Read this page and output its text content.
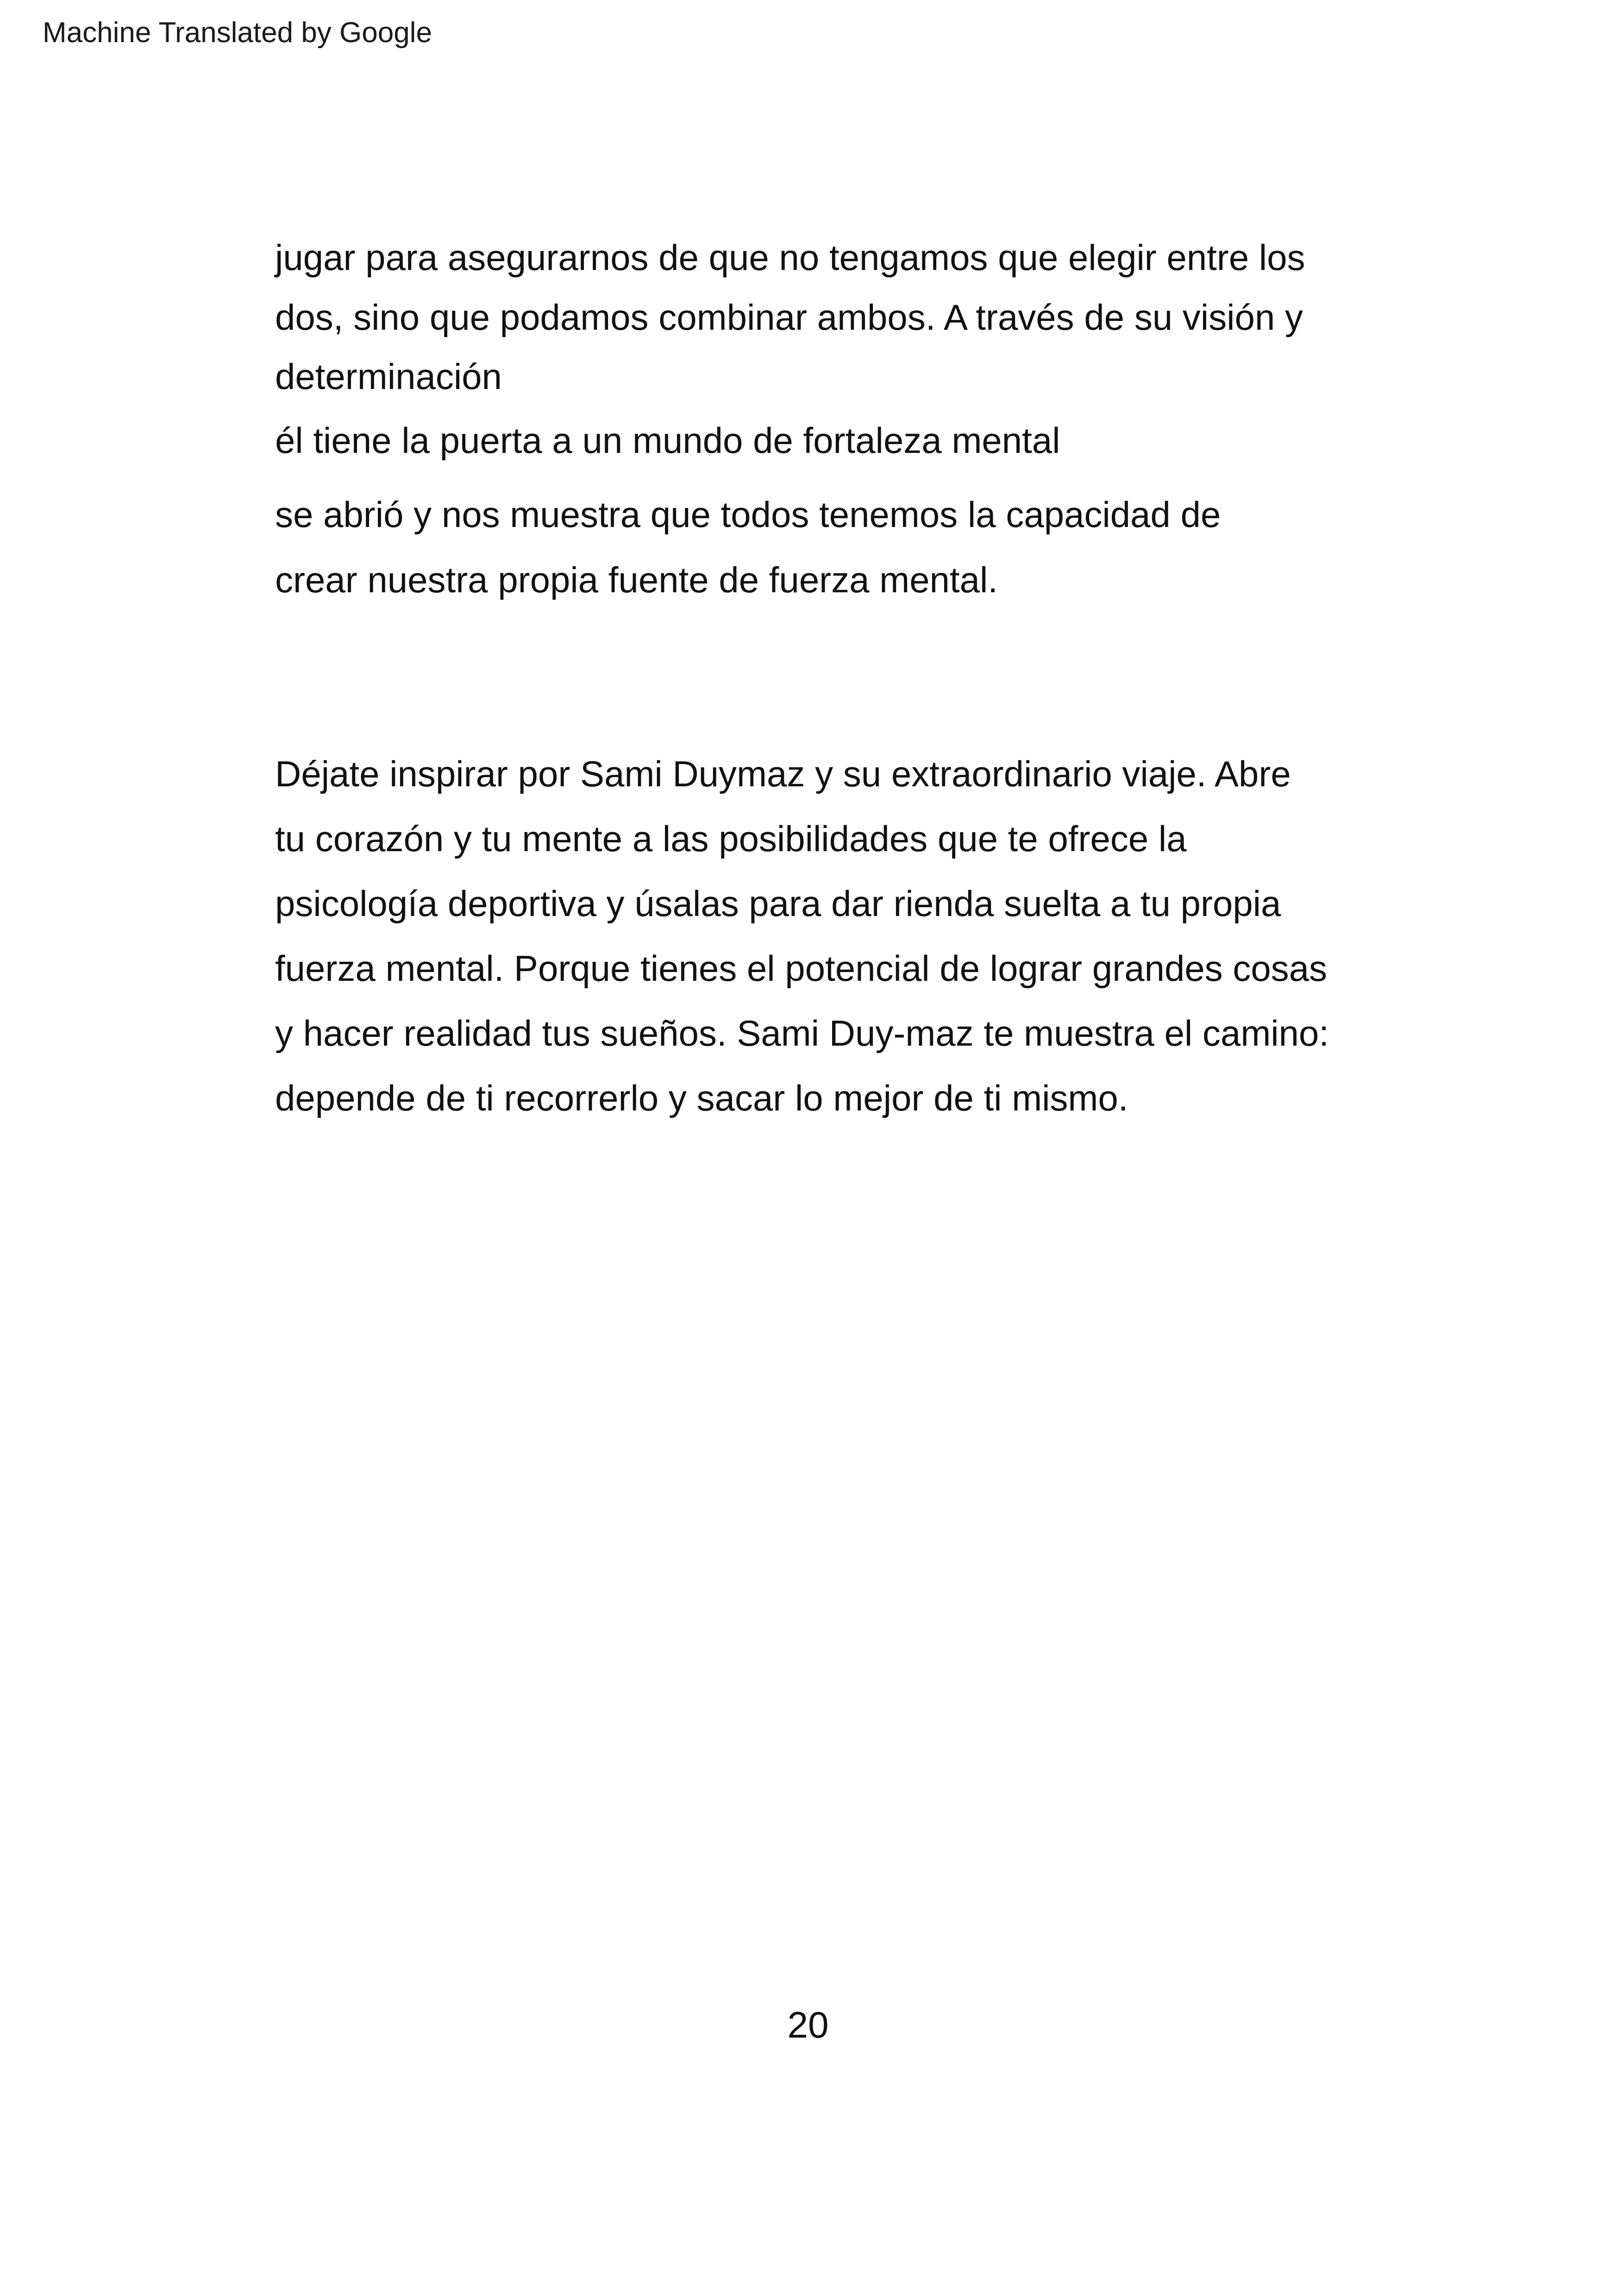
Machine Translated by Google
jugar para asegurarnos de que no tengamos que elegir entre los
dos, sino que podamos combinar ambos. A través de su visión y
determinación
él tiene la puerta a un mundo de fortaleza mental
se abrió y nos muestra que todos tenemos la capacidad de
crear nuestra propia fuente de fuerza mental.
Déjate inspirar por Sami Duymaz y su extraordinario viaje. Abre
tu corazón y tu mente a las posibilidades que te ofrece la
psicología deportiva y úsalas para dar rienda suelta a tu propia
fuerza mental. Porque tienes el potencial de lograr grandes cosas
y hacer realidad tus sueños. Sami Duy-maz te muestra el camino:
depende de ti recorrerlo y sacar lo mejor de ti mismo.
20
